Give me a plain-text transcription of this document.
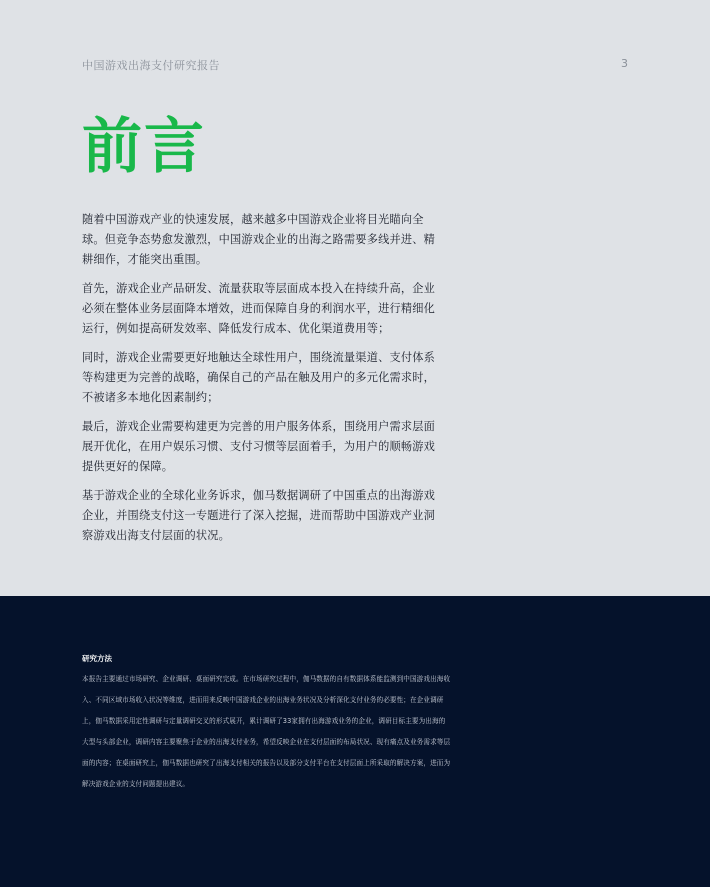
中国游戏出海支付研究报告	3
前言

随着中国游戏产业的快速发展，越来越多中国游戏企业将目光瞄向全球。但竞争态势愈发激烈，中国游戏企业的出海之路需要多线并进、精耕细作，才能突出重围。

首先，游戏企业产品研发、流量获取等层面成本投入在持续升高，企业必须在整体业务层面降本增效，进而保障自身的利润水平，进行精细化运行，例如提高研发效率、降低发行成本、优化渠道费用等；

同时，游戏企业需要更好地触达全球性用户，围绕流量渠道、支付体系等构建更为完善的战略，确保自己的产品在触及用户的多元化需求时，不被诸多本地化因素制约；

最后，游戏企业需要构建更为完善的用户服务体系，围绕用户需求层面展开优化，在用户娱乐习惯、支付习惯等层面着手，为用户的顺畅游戏提供更好的保障。

基于游戏企业的全球化业务诉求，伽马数据调研了中国重点的出海游戏企业，并围绕支付这一专题进行了深入挖掘，进而帮助中国游戏产业洞察游戏出海支付层面的状况。

研究方法

本报告主要通过市场研究、企业调研、桌面研究完成。在市场研究过程中，伽马数据的自有数据体系能监测到中国游戏出海收入、不同区域市场收入状况等维度，进而用来反映中国游戏企业的出海业务状况及分析深化支付业务的必要性；在企业调研上，伽马数据采用定性调研与定量调研交叉的形式展开，累计调研了33家拥有出海游戏业务的企业，调研目标主要为出海的大型与头部企业，调研内容主要聚焦于企业的出海支付业务，希望反映企业在支付层面的布局状况、现有痛点及业务需求等层面的内容；在桌面研究上，伽马数据也研究了出海支付相关的报告以及部分支付平台在支付层面上所采取的解决方案，进而为解决游戏企业的支付问题提出建议。
